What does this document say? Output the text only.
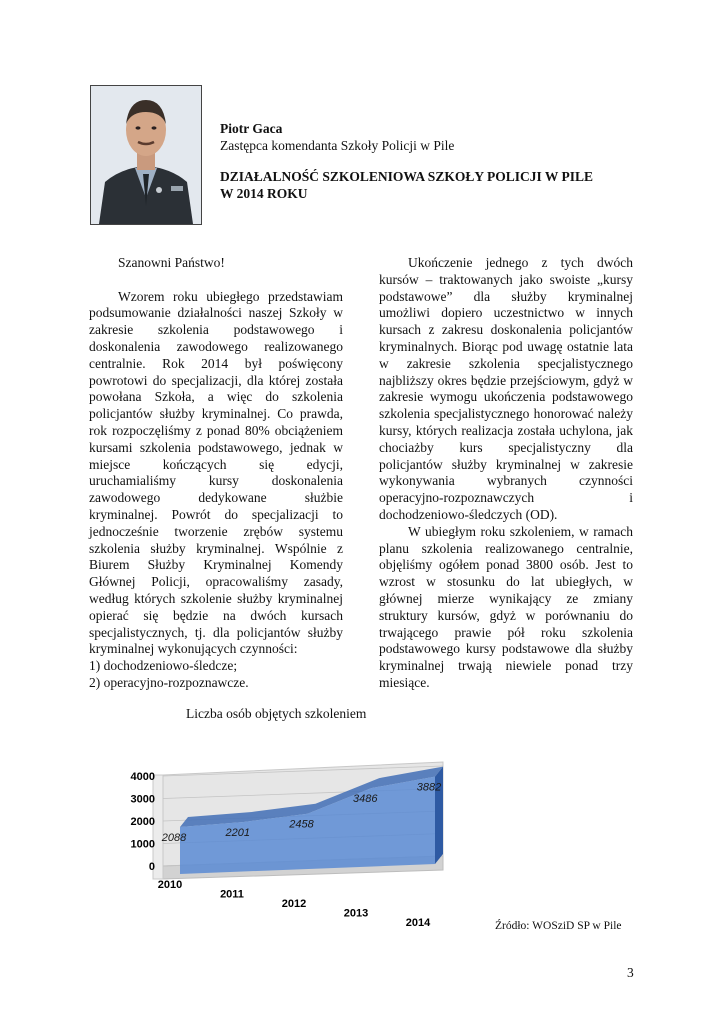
Piotr Gaca
Zastępca komendanta Szkoły Policji w Pile
DZIAŁALNOŚĆ SZKOLENIOWA SZKOŁY POLICJI W PILE
W 2014 ROKU

Szanowni Państwo!

Wzorem roku ubiegłego przedstawiam podsumowanie działalności naszej Szkoły w zakresie szkolenia podstawowego i doskonalenia zawodowego realizowanego centralnie. Rok 2014 był poświęcony powrotowi do specjalizacji, dla której została powołana Szkoła, a więc do szkolenia policjantów służby kryminalnej. Co prawda, rok rozpoczęliśmy z ponad 80% obciążeniem kursami szkolenia podstawowego, jednak w miejsce kończących się edycji, uruchamialiśmy kursy doskonalenia zawodowego dedykowane służbie kryminalnej. Powrót do specjalizacji to jednocześnie tworzenie zrębów systemu szkolenia służby kryminalnej. Wspólnie z Biurem Służby Kryminalnej Komendy Głównej Policji, opracowaliśmy zasady, według których szkolenie służby kryminalnej opierać się będzie na dwóch kursach specjalistycznych, tj. dla policjantów służby kryminalnej wykonujących czynności:

1) dochodzeniowo-śledcze;

2) operacyjno-rozpoznawcze.

Ukończenie jednego z tych dwóch kursów – traktowanych jako swoiste „kursy podstawowe” dla służby kryminalnej umożliwi dopiero uczestnictwo w innych kursach z zakresu doskonalenia policjantów kryminalnych. Biorąc pod uwagę ostatnie lata w zakresie szkolenia specjalistycznego najbliższy okres będzie przejściowym, gdyż w zakresie wymogu ukończenia podstawowego szkolenia specjalistycznego honorować należy kursy, których realizacja została uchylona, jak chociażby kurs specjalistyczny dla policjantów służby kryminalnej w zakresie wykonywania wybranych czynności operacyjno-rozpoznawczych i dochodzeniowo-śledczych (OD).

W ubiegłym roku szkoleniem, w ramach planu szkolenia realizowanego centralnie, objęliśmy ogółem ponad 3800 osób. Jest to wzrost w stosunku do lat ubiegłych, w głównej mierze wynikający ze zmiany struktury kursów, gdyż w porównaniu do trwającego prawie pół roku szkolenia podstawowego kursy podstawowe dla służby kryminalnej trwają niewiele ponad trzy miesiące.

Liczba osób objętych szkoleniem
4000
3000
2000
1000
0
2088	2201
2458
3486
3882
2010
2011
2012
2013
2014	Źródło: WOSziD SP w Pile
3
